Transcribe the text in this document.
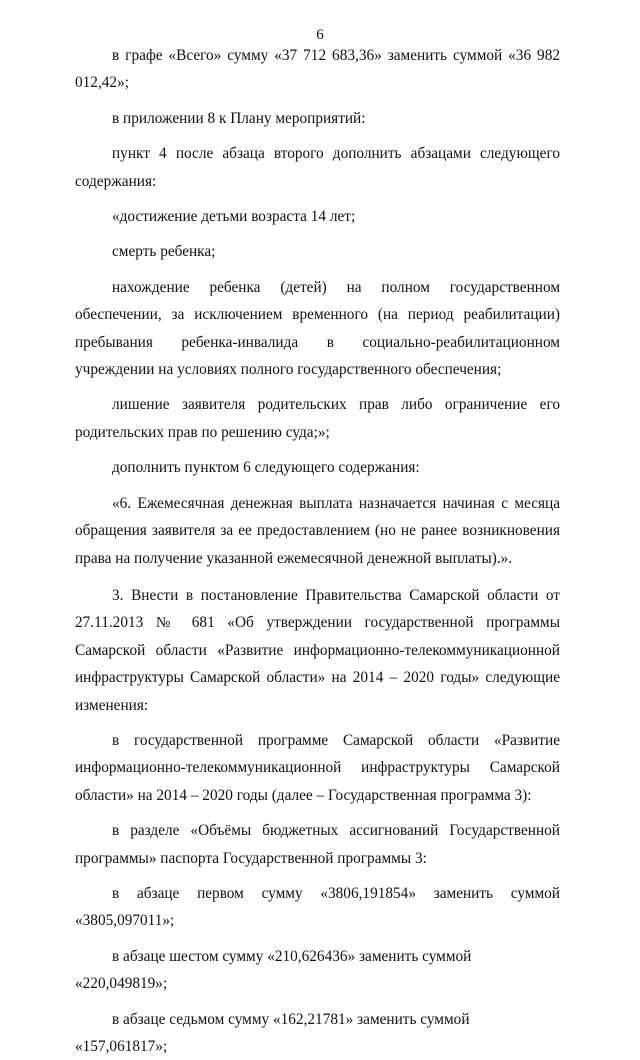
6

в графе «Всего» сумму «37 712 683,36» заменить суммой «36 982 012,42»;

в приложении 8 к Плану мероприятий:

пункт 4 после абзаца второго дополнить абзацами следующего содержания:

«достижение детьми возраста 14 лет;

смерть ребенка;

нахождение ребенка (детей) на полном государственном обеспечении, за исключением временного (на период реабилитации) пребывания ребенка-инвалида в социально-реабилитационном учреждении на условиях полного государственного обеспечения;

лишение заявителя родительских прав либо ограничение его родительских прав по решению суда;»;

дополнить пунктом 6 следующего содержания:

«6. Ежемесячная денежная выплата назначается начиная с месяца обращения заявителя за ее предоставлением (но не ранее возникновения права на получение указанной ежемесячной денежной выплаты).».

3. Внести в постановление Правительства Самарской области от 27.11.2013 № 681 «Об утверждении государственной программы Самарской области «Развитие информационно-телекоммуникационной инфраструктуры Самарской области» на 2014 – 2020 годы» следующие изменения:

в государственной программе Самарской области «Развитие информационно-телекоммуникационной инфраструктуры Самарской области» на 2014 – 2020 годы (далее – Государственная программа 3):

в разделе «Объёмы бюджетных ассигнований Государственной программы» паспорта Государственной программы 3:

в абзаце первом сумму «3806,191854» заменить суммой «3805,097011»;

в абзаце шестом сумму «210,626436» заменить суммой «220,049819»;

в абзаце седьмом сумму «162,21781» заменить суммой «157,061817»;
